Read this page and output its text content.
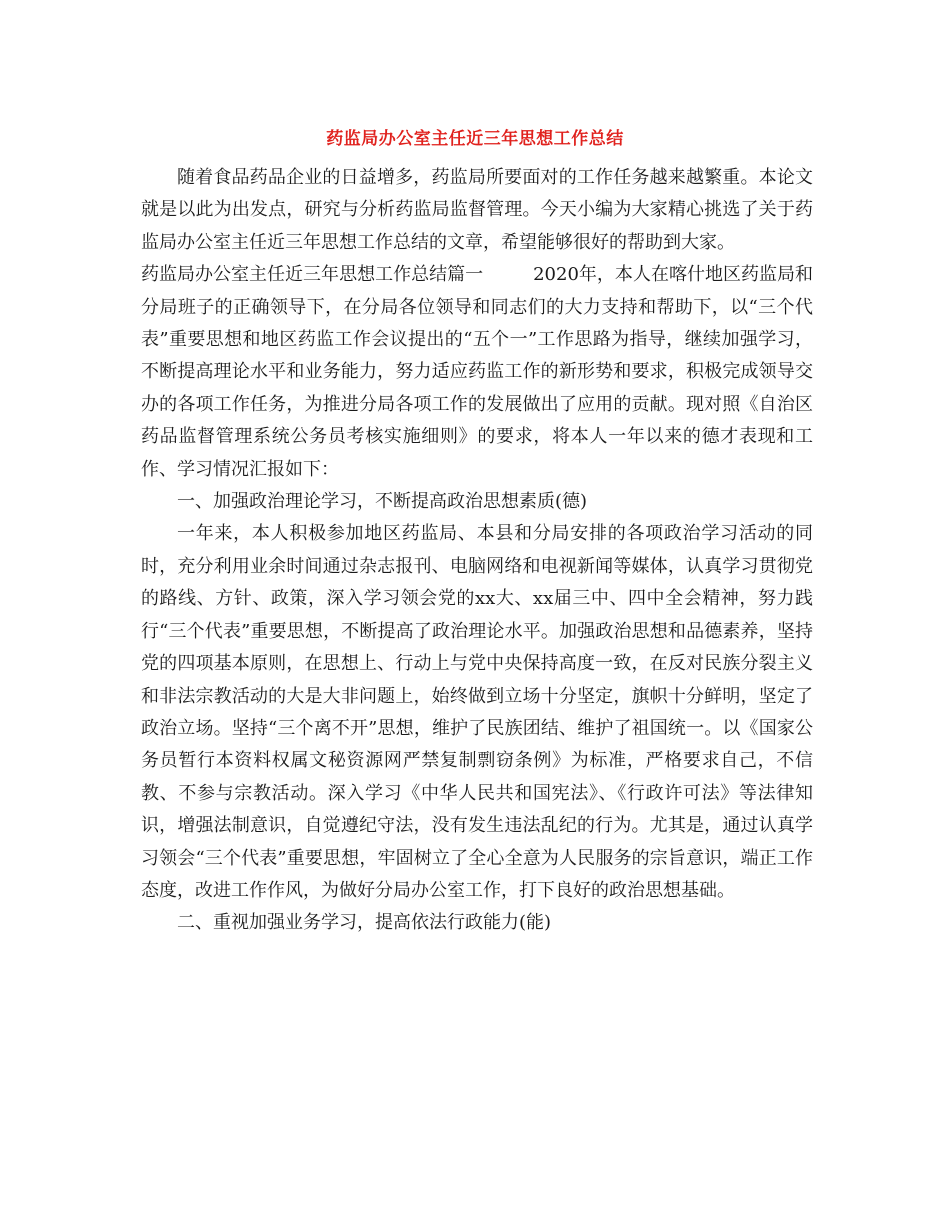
药监局办公室主任近三年思想工作总结

随着食品药品企业的日益增多，药监局所要面对的工作任务越来越繁重。本论文就是以此为出发点，研究与分析药监局监督管理。今天小编为大家精心挑选了关于药监局办公室主任近三年思想工作总结的文章，希望能够很好的帮助到大家。

药监局办公室主任近三年思想工作总结篇一	2020年，本人在喀什地区药监局和分局班子的正确领导下，在分局各位领导和同志们的大力支持和帮助下，以“三个代表”重要思想和地区药监工作会议提出的“五个一”工作思路为指导，继续加强学习，不断提高理论水平和业务能力，努力适应药监工作的新形势和要求，积极完成领导交办的各项工作任务，为推进分局各项工作的发展做出了应用的贡献。现对照《自治区药品监督管理系统公务员考核实施细则》的要求，将本人一年以来的德才表现和工作、学习情况汇报如下：

一、加强政治理论学习，不断提高政治思想素质(德)

一年来，本人积极参加地区药监局、本县和分局安排的各项政治学习活动的同时，充分利用业余时间通过杂志报刊、电脑网络和电视新闻等媒体，认真学习贯彻党的路线、方针、政策，深入学习领会党的xx大、xx届三中、四中全会精神，努力践行“三个代表”重要思想，不断提高了政治理论水平。加强政治思想和品德素养，坚持党的四项基本原则，在思想上、行动上与党中央保持高度一致，在反对民族分裂主义和非法宗教活动的大是大非问题上，始终做到立场十分坚定，旗帜十分鲜明，坚定了政治立场。坚持“三个离不开”思想，维护了民族团结、维护了祖国统一。以《国家公务员暂行本资料权属文秘资源网严禁复制剽窃条例》为标准，严格要求自己，不信教、不参与宗教活动。深入学习《中华人民共和国宪法》、《行政许可法》等法律知识，增强法制意识，自觉遵纪守法，没有发生违法乱纪的行为。尤其是，通过认真学习领会“三个代表”重要思想，牢固树立了全心全意为人民服务的宗旨意识，端正工作态度，改进工作作风，为做好分局办公室工作，打下良好的政治思想基础。

二、重视加强业务学习，提高依法行政能力(能)
